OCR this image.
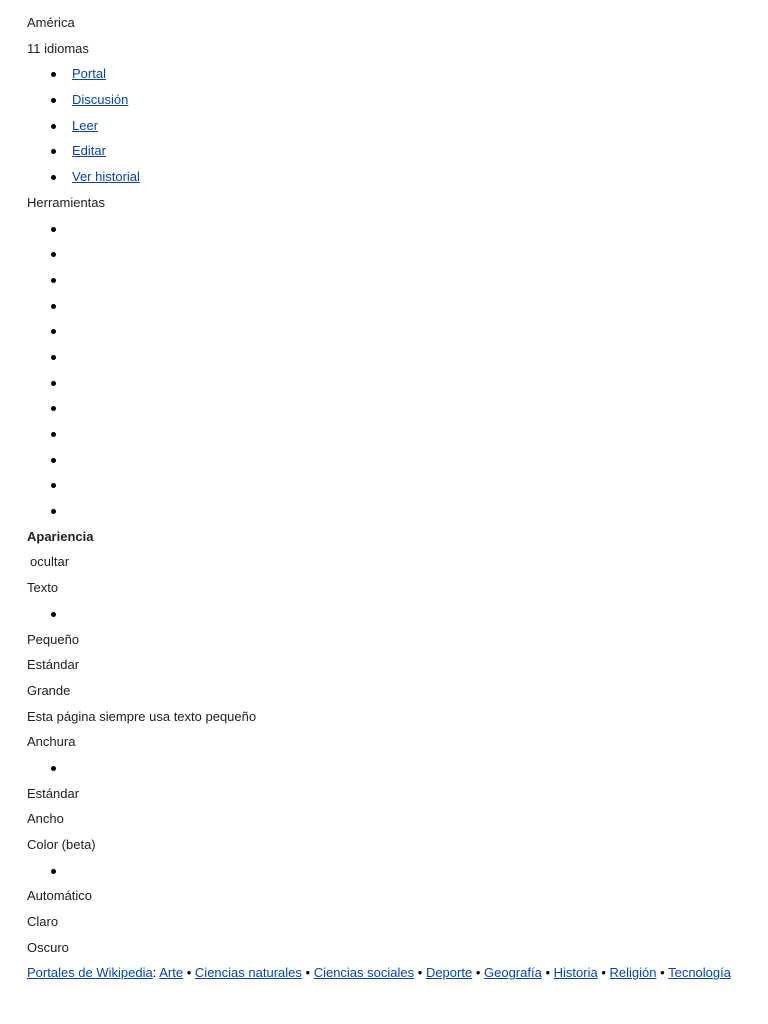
América
11 idiomas
Portal
Discusión
Leer
Editar
Ver historial
Herramientas
Apariencia
ocultar
Texto
Pequeño
Estándar
Grande
Esta página siempre usa texto pequeño
Anchura
Estándar
Ancho
Color (beta)
Automático
Claro
Oscuro
Portales de Wikipedia: Arte • Ciencias naturales • Ciencias sociales • Deporte • Geografía • Historia • Religión • Tecnología
